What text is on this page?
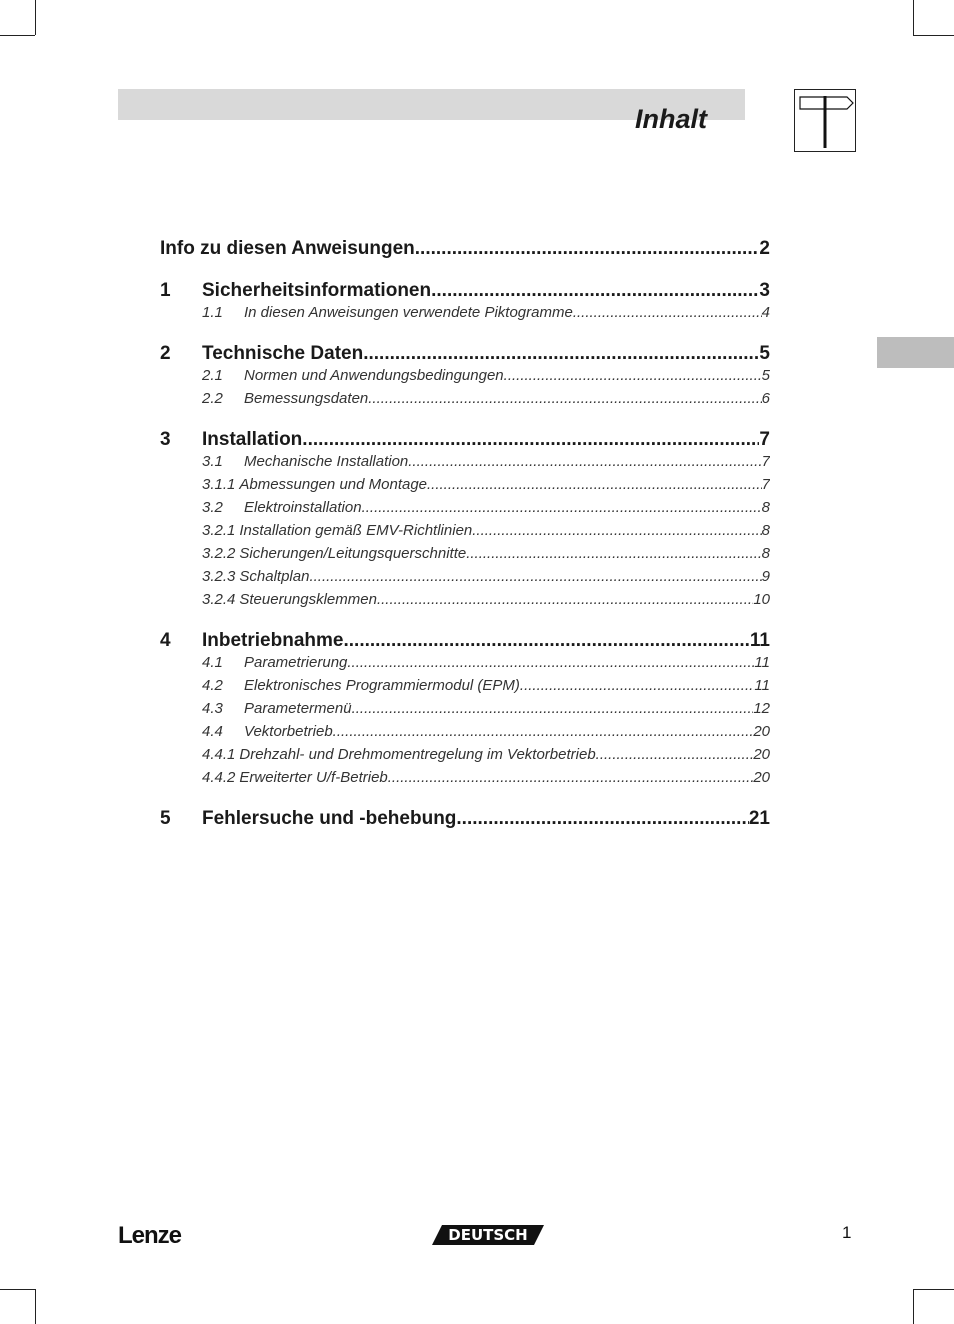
Inhalt
Info zu diesen Anweisungen .....	2
1	Sicherheitsinformationen .....	3
1.1	In diesen Anweisungen verwendete Piktogramme .....	4
2	Technische Daten .....	5
2.1	Normen und Anwendungsbedingungen .....	5
2.2	Bemessungsdaten .....	6
3	Installation .....	7
3.1	Mechanische Installation .....	7
3.1.1 Abmessungen und Montage .....	7
3.2	Elektroinstallation .....	8
3.2.1 Installation gemäß EMV-Richtlinien .....	8
3.2.2 Sicherungen/Leitungsquerschnitte .....	8
3.2.3 Schaltplan .....	9
3.2.4 Steuerungsklemmen .....	10
4	Inbetriebnahme .....	11
4.1	Parametrierung .....	11
4.2	Elektronisches Programmiermodul (EPM) .....	11
4.3	Parametermenü .....	12
4.4	Vektorbetrieb .....	20
4.4.1 Drehzahl- und Drehmomentregelung im Vektorbetrieb .....	20
4.4.2 Erweiterter U/f-Betrieb .....	20
5	Fehlersuche und -behebung .....	21
Lenze	DEUTSCH	1
